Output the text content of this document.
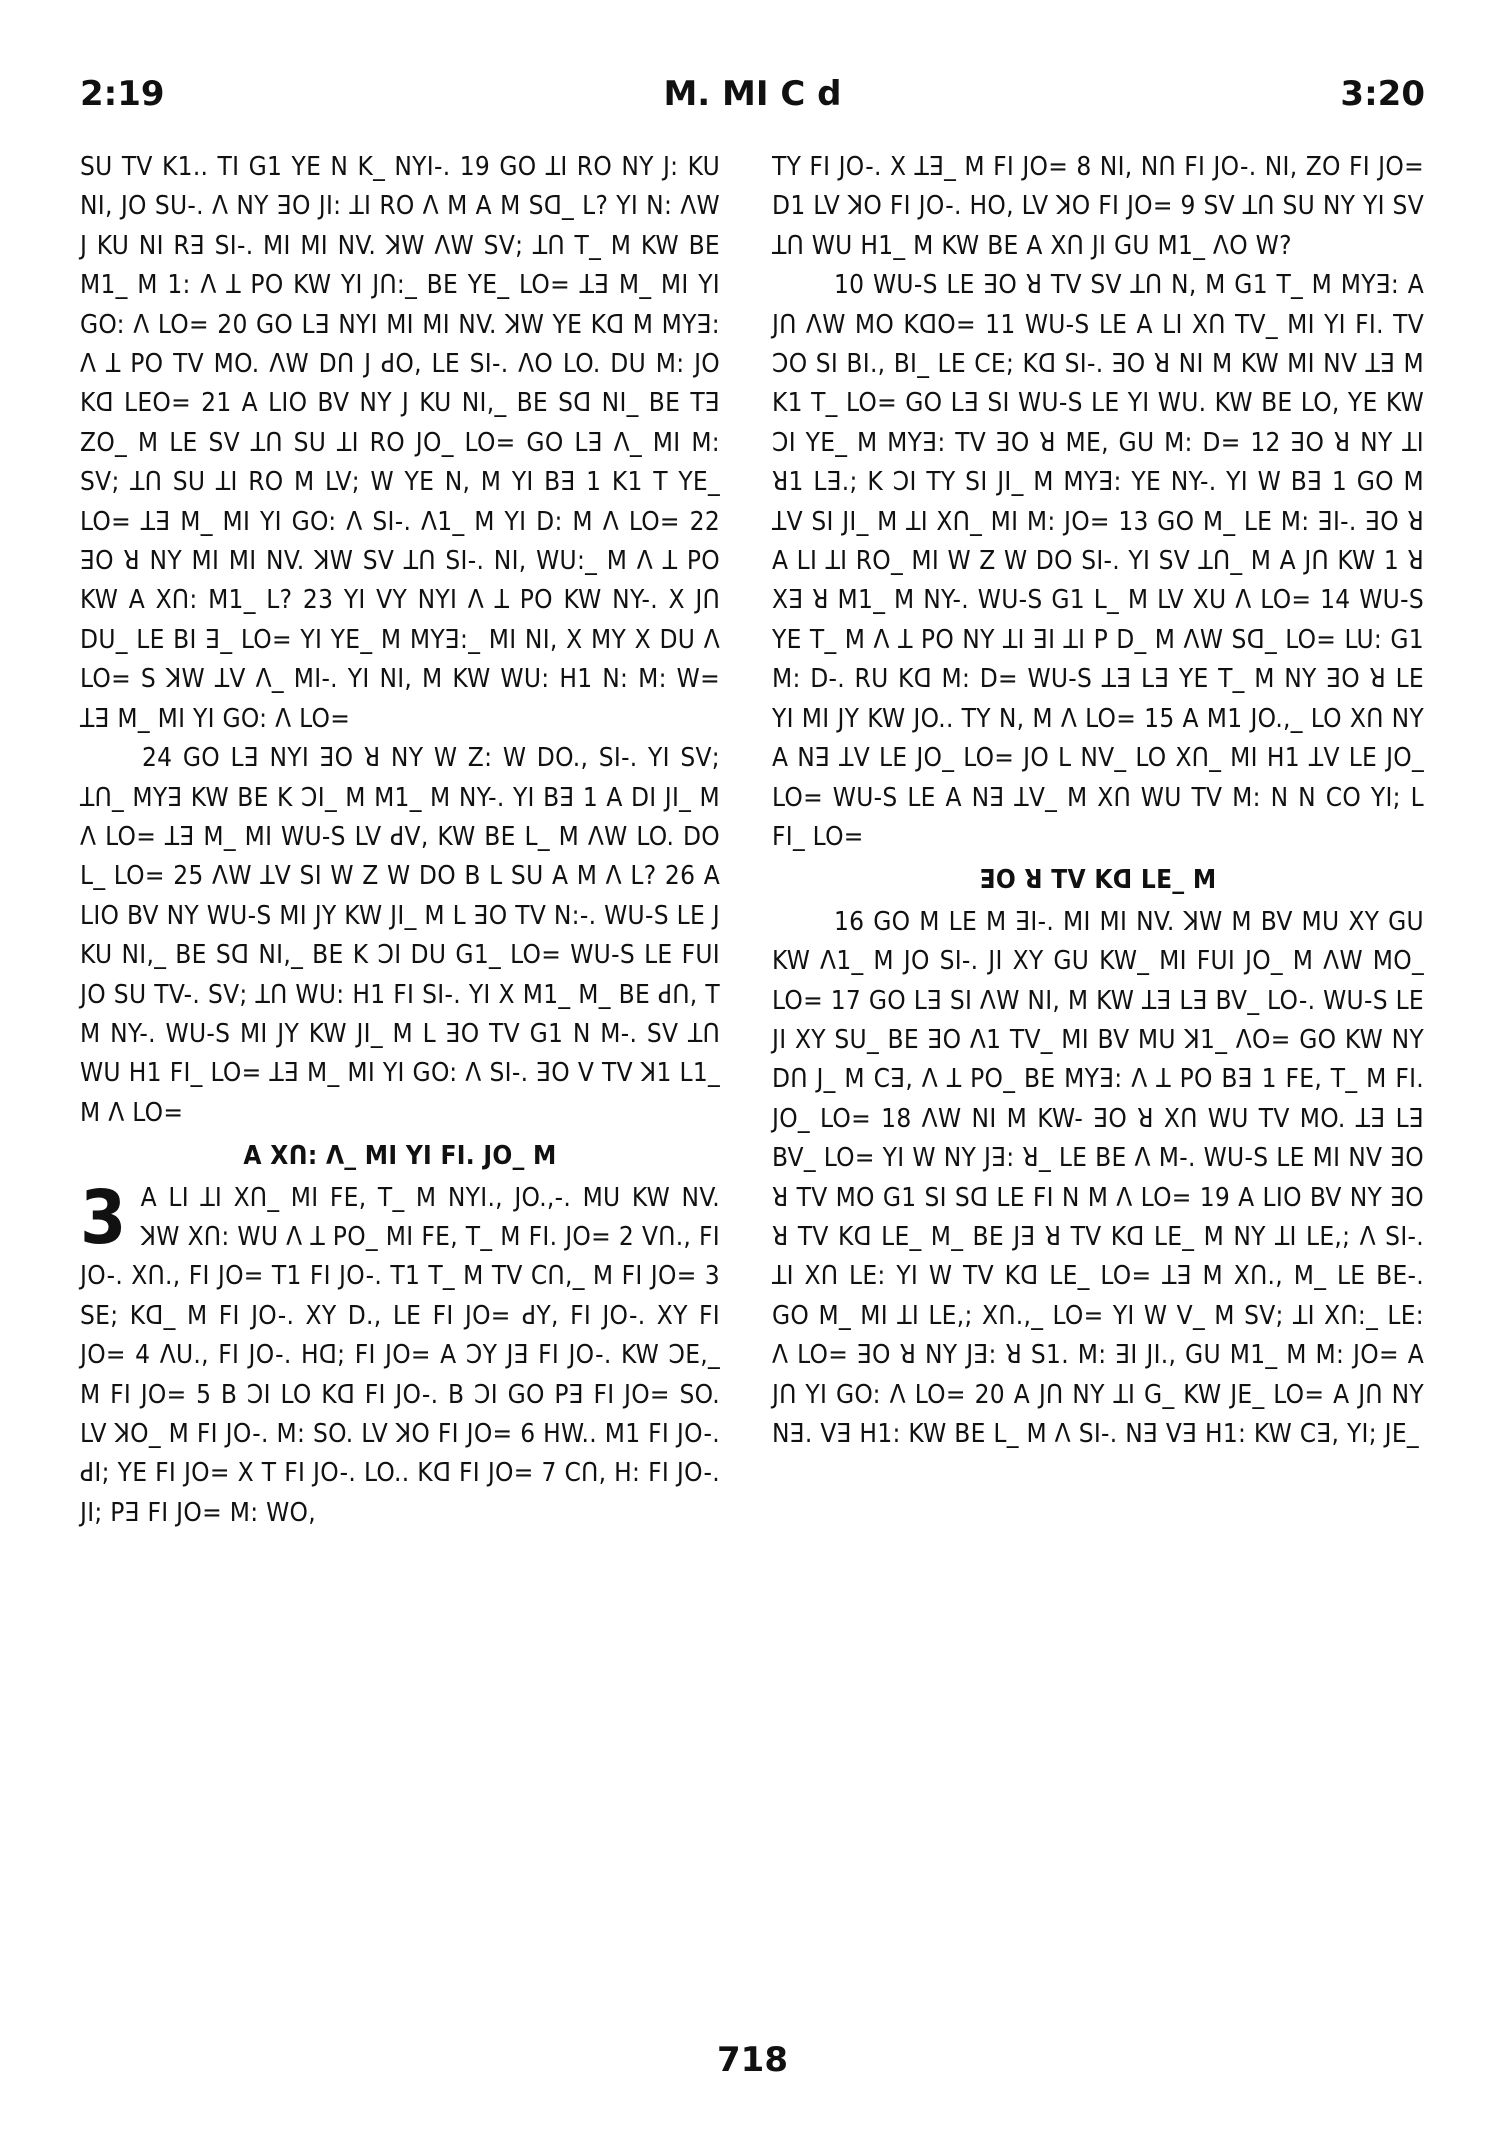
2:19	M. MI C d	3:20

SU TV K1.. TI G1 YE N K_ NYI-. 19 GO ꓕI RO NY J: KU NI, JO SU-. Λ NY ꓱO JI: ꓕI RO Λ M A M Sꓷ_ L? YI N: ΛW J KU NI Rꓱ SI-. MI MI NV. ꓘW ΛW SV; ꓕꓵ T_ M KW BE M1_ M 1: Λ ꓕ PO KW YI Jꓵ:_ BE YE_ LO= ꓕꓱ M_ MI YI GO: Λ LO= 20 GO Lꓱ NYI MI MI NV. ꓘW YE Kꓷ M MYꓱ: Λ ꓕ PO TV MO. ΛW Dꓵ J ꓒO, LE SI-. ΛO LO. DU M: JO Kꓷ LEO= 21 A LIO BV NY J KU NI,_ BE Sꓷ NI_ BE Tꓱ ZO_ M LE SV ꓕꓵ SU ꓕI RO JO_ LO= GO Lꓱ Λ_ MI M: SV; ꓕꓵ SU ꓕI RO M LV; W YE N, M YI Bꓱ 1 K1 T YE_ LO= ꓕꓱ M_ MI YI GO: Λ SI-. Λ1_ M YI D: M Λ LO= 22 ꓱO ꓤ NY MI MI NV. ꓘW SV ꓕꓵ SI-. NI, WU:_ M Λ ꓕ PO KW A Xꓵ: M1_ L? 23 YI VY NYI Λ ꓕ PO KW NY-. X Jꓵ DU_ LE BI ꓱ_ LO= YI YE_ M MYꓱ:_ MI NI, X MY X DU Λ LO= S ꓘW ꓕV Λ_ MI-. YI NI, M KW WU: H1 N: M: W= ꓕꓱ M_ MI YI GO: Λ LO=

24 GO Lꓱ NYI ꓱO ꓤ NY W Z: W DO., SI-. YI SV; ꓕꓵ_ MYꓱ KW BE K ꓛI_ M M1_ M NY-. YI Bꓱ 1 A DI JI_ M Λ LO= ꓕꓱ M_ MI WU-S LV ꓒV, KW BE L_ M ΛW LO. DO L_ LO= 25 ΛW ꓕV SI W Z W DO B L SU A M Λ L? 26 A LIO BV NY WU-S MI JY KW JI_ M L ꓱO TV N:-. WU-S LE J KU NI,_ BE Sꓷ NI,_ BE K ꓛI DU G1_ LO= WU-S LE FUI JO SU TV-. SV; ꓕꓵ WU: H1 FI SI-. YI X M1_ M_ BE ꓒꓵ, T M NY-. WU-S MI JY KW JI_ M L ꓱO TV G1 N M-. SV ꓕꓵ WU H1 FI_ LO= ꓕꓱ M_ MI YI GO: Λ SI-. ꓱO V TV ꓘ1 L1_ M Λ LO=

A Xꓵ: Λ_ MI YI FI. JO_ M

3 A LI ꓕI Xꓵ_ MI FE, T_ M NYI., JO.,-. MU KW NV. ꓘW Xꓵ: WU Λ ꓕ PO_ MI FE, T_ M FI. JO= 2 Vꓵ., FI JO-. Xꓵ., FI JO= T1 FI JO-. T1 T_ M TV Cꓵ,_ M FI JO= 3 SE; Kꓷ_ M FI JO-. XY D., LE FI JO= ꓒY, FI JO-. XY FI JO= 4 ΛU., FI JO-. Hꓷ; FI JO= A ꓛY Jꓱ FI JO-. KW ꓛE,_ M FI JO= 5 B ꓛI LO Kꓷ FI JO-. B ꓛI GO Pꓱ FI JO= SO. LV ꓘO_ M FI JO-. M: SO. LV ꓘO FI JO= 6 HW.. M1 FI JO-. ꓒI; YE FI JO= X T FI JO-. LO.. Kꓷ FI JO= 7 Cꓵ, H: FI JO-. JI; Pꓱ FI JO= M: WO,

TY FI JO-. X ꓕꓱ_ M FI JO= 8 NI, Nꓵ FI JO-. NI, ZO FI JO= D1 LV ꓘO FI JO-. HO, LV ꓘO FI JO= 9 SV ꓕꓵ SU NY YI SV ꓕꓵ WU H1_ M KW BE A Xꓵ JI GU M1_ ΛO W?

10 WU-S LE ꓱO ꓤ TV SV ꓕꓵ N, M G1 T_ M MYꓱ: A Jꓵ ΛW MO Kꓷꓳ= 11 WU-S LE A LI Xꓵ TV_ MI YI FI. TV ꓛO SI BI., BI_ LE CE; Kꓷ SI-. ꓱO ꓤ NI M KW MI NV ꓕꓱ M K1 T_ LO= GO Lꓱ SI WU-S LE YI WU. KW BE LO, YE KW ꓛI YE_ M MYꓱ: TV ꓱO ꓤ ME, GU M: D= 12 ꓱO ꓤ NY ꓕI ꓤ1 Lꓱ.; K ꓛI TY SI JI_ M MYꓱ: YE NY-. YI W Bꓱ 1 GO M ꓕV SI JI_ M ꓕI Xꓵ_ MI M: JO= 13 GO M_ LE M: ꓱI-. ꓱO ꓤ A LI ꓕI RO_ MI W Z W DO SI-. YI SV ꓕꓵ_ M A Jꓵ KW 1 ꓤ Xꓱ ꓤ M1_ M NY-. WU-S G1 L_ M LV XU Λ LO= 14 WU-S YE T_ M Λ ꓕ PO NY ꓕI ꓱI ꓕI P D_ M ΛW Sꓷ_ LO= LU: G1 M: D-. RU Kꓷ M: D= WU-S ꓕꓱ Lꓱ YE T_ M NY ꓱO ꓤ LE YI MI JY KW JO.. TY N, M Λ LO= 15 A M1 JO.,_ LO Xꓵ NY A Nꓱ ꓕV LE JO_ LO= JO L NV_ LO Xꓵ_ MI H1 ꓕV LE JO_ LO= WU-S LE A Nꓱ ꓕV_ M Xꓵ WU TV M: N N CO YI; L FI_ LO=

ꓱO ꓤ TV Kꓷ LE_ M

16 GO M LE M ꓱI-. MI MI NV. ꓘW M BV MU XY GU KW Λ1_ M JO SI-. JI XY GU KW_ MI FUI JO_ M ΛW MO_ LO= 17 GO Lꓱ SI ΛW NI, M KW ꓕꓱ Lꓱ BV_ LO-. WU-S LE JI XY SU_ BE ꓱO Λ1 TV_ MI BV MU ꓘ1_ ΛO= GO KW NY Dꓵ J_ M Cꓱ, Λ ꓕ PO_ BE MYꓱ: Λ ꓕ PO Bꓱ 1 FE, T_ M FI. JO_ LO= 18 ΛW NI M KW- ꓱO ꓤ Xꓵ WU TV MO. ꓕꓱ Lꓱ BV_ LO= YI W NY Jꓱ: ꓤ_ LE BE Λ M-. WU-S LE MI NV ꓱO ꓤ TV MO G1 SI Sꓷ LE FI N M Λ LO= 19 A LIO BV NY ꓱO ꓤ TV Kꓷ LE_ M_ BE Jꓱ ꓤ TV Kꓷ LE_ M NY ꓕI LE,; Λ SI-. ꓕI Xꓵ LE: YI W TV Kꓷ LE_ LO= ꓕꓱ M Xꓵ., M_ LE BE-. GO M_ MI ꓕI LE,; Xꓵ.,_ LO= YI W V_ M SV; ꓕI Xꓵ:_ LE: Λ LO= ꓱO ꓤ NY Jꓱ: ꓤ S1. M: ꓱI JI., GU M1_ M M: JO= A Jꓵ YI GO: Λ LO= 20 A Jꓵ NY ꓕI G_ KW JE_ LO= A Jꓵ NY Nꓱ. Vꓱ H1: KW BE L_ M Λ SI-. Nꓱ Vꓱ H1: KW Cꓱ, YI; JE_

718
